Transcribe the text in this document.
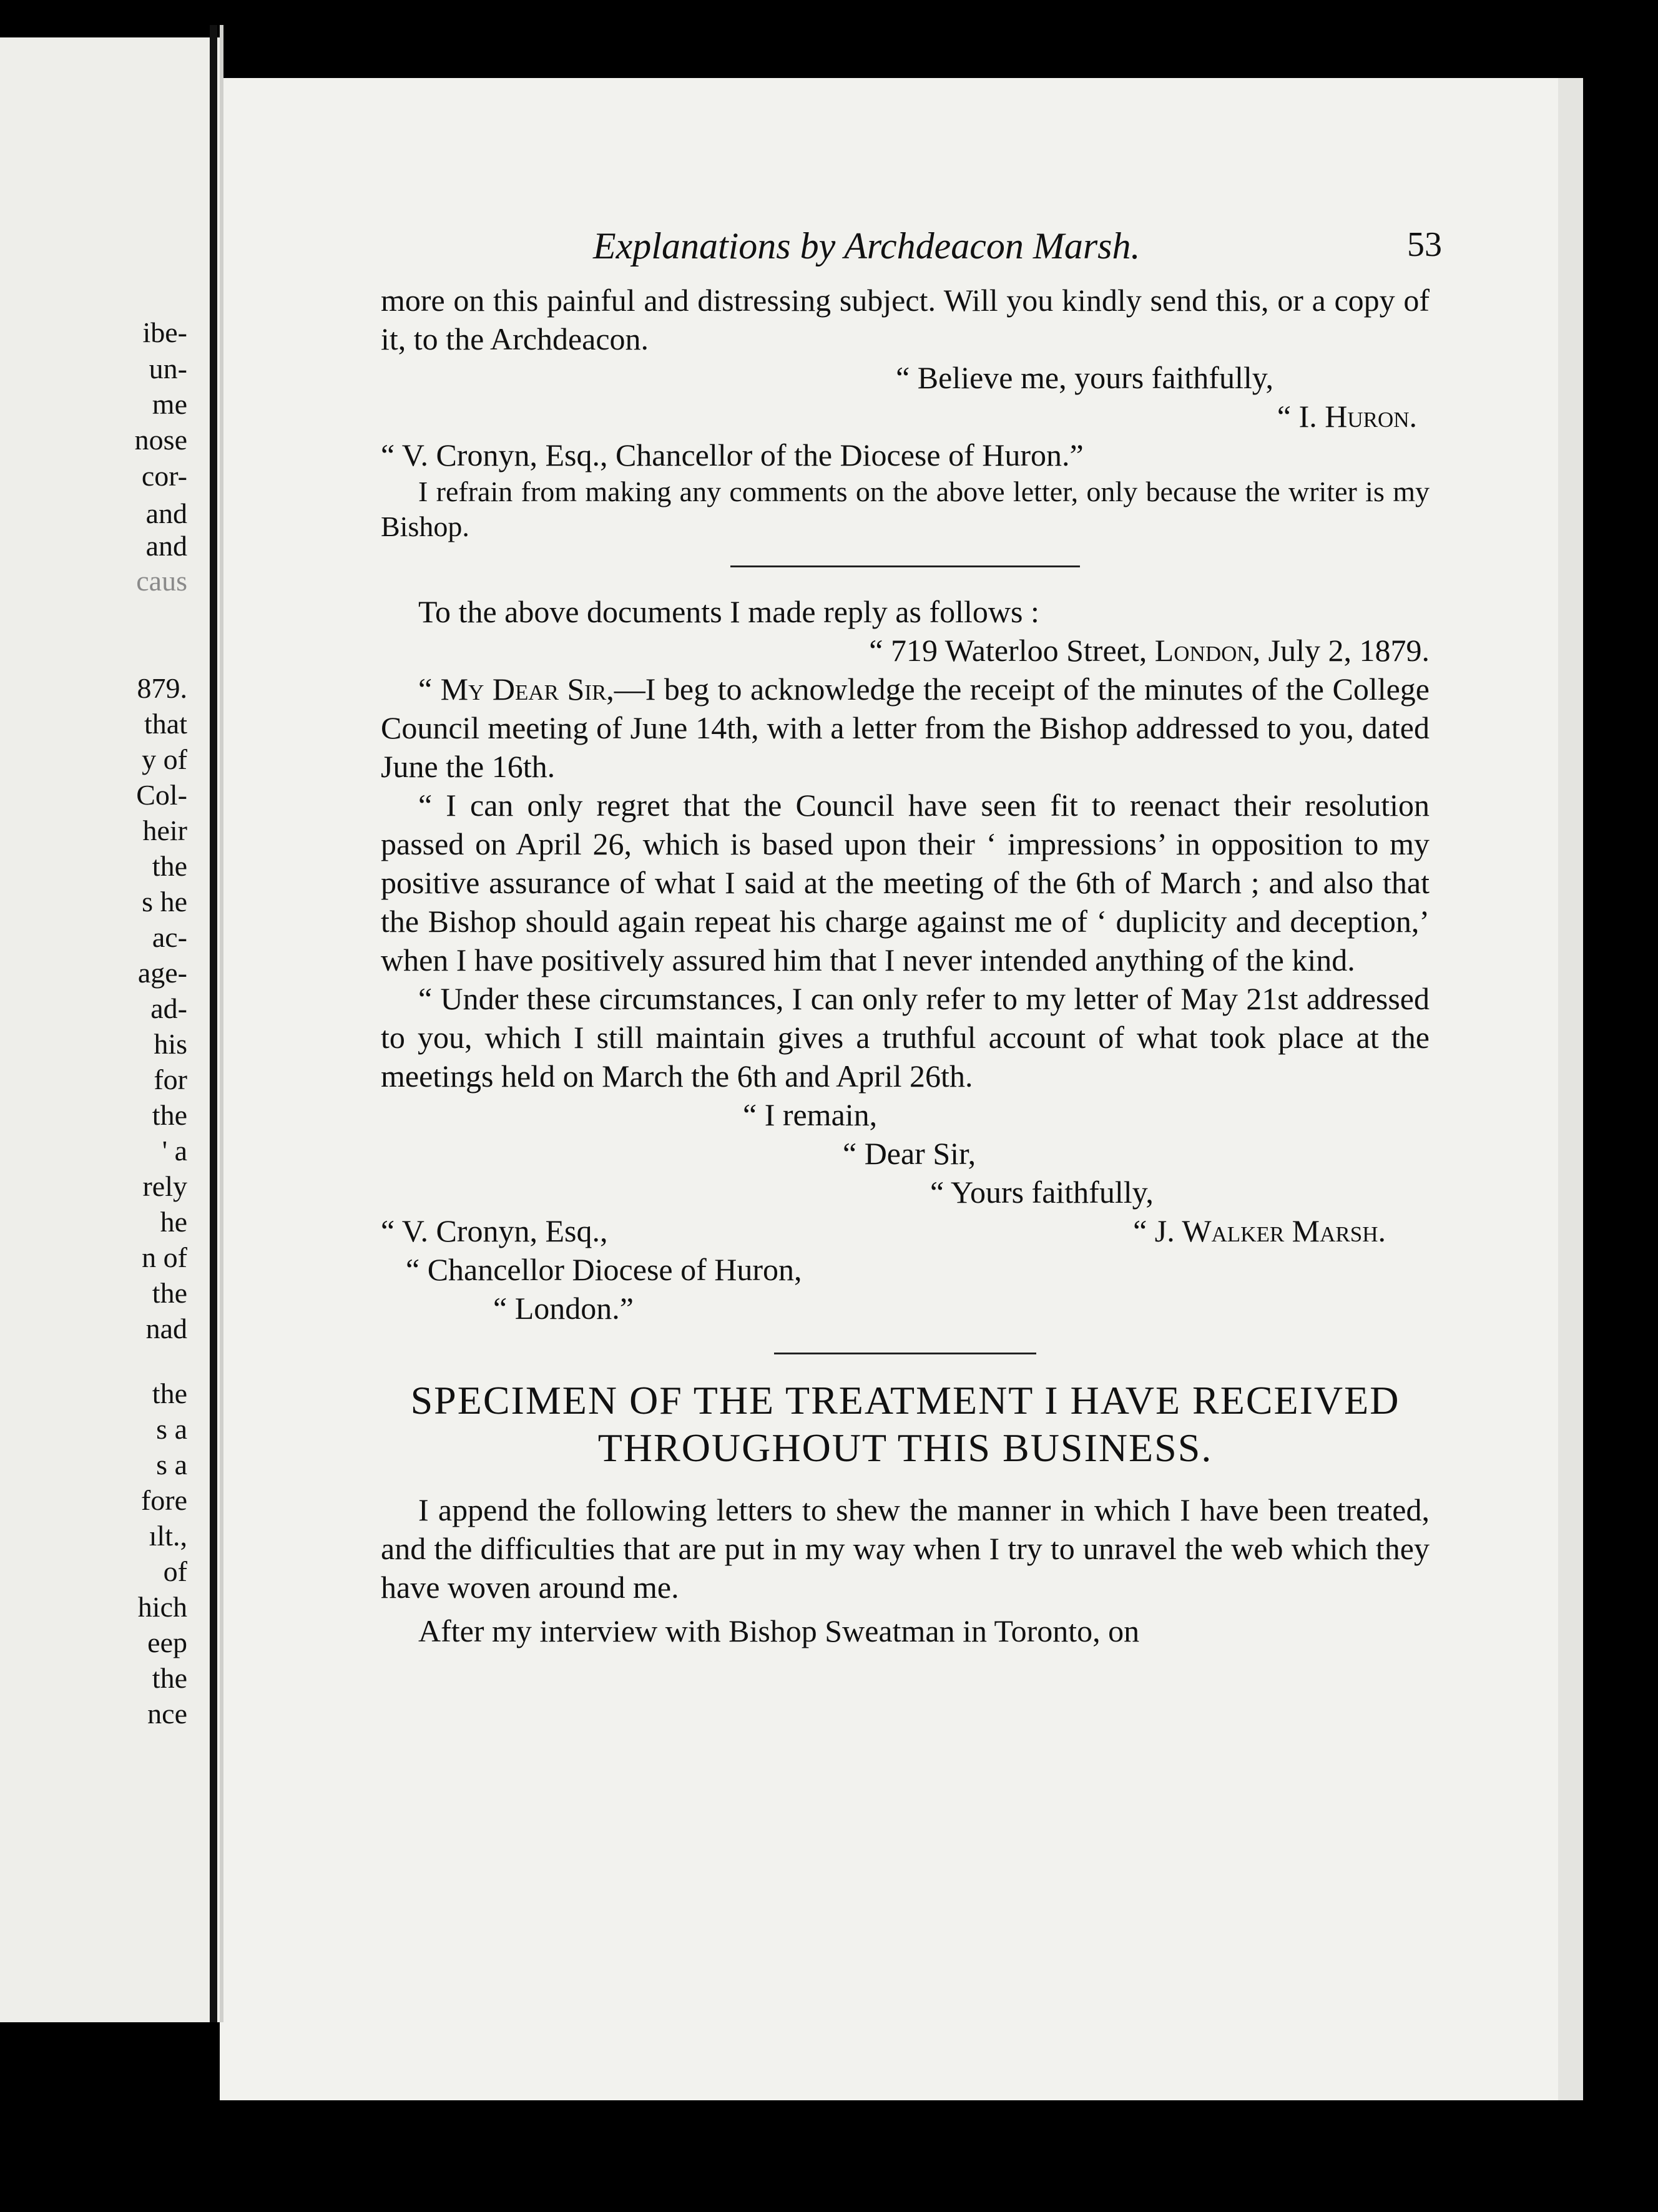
ibe-
un-
me
nose
cor-
and
and
caus
879.
that
y of
Col-
heir
the
s he
ac-
age-
ad-
his
for
the
' a
rely
he
n of
the
nad
the
s a
s a
fore
ılt.,
of
hich
eep
the
nce
Explanations by Archdeacon Marsh.	53

more on this painful and distressing subject. Will you kindly send this, or a copy of it, to the Archdeacon.

“ Believe me, yours faithfully,

“ I. Huron.

“ V. Cronyn, Esq., Chancellor of the Diocese of Huron.”

I refrain from making any comments on the above letter, only because the writer is my Bishop.

To the above documents I made reply as follows :

“ 719 Waterloo Street, London, July 2, 1879.

“ My Dear Sir,—I beg to acknowledge the receipt of the minutes of the College Council meeting of June 14th, with a letter from the Bishop addressed to you, dated June the 16th.

“ I can only regret that the Council have seen fit to reenact their resolution passed on April 26, which is based upon their ‘ impressions’ in opposition to my positive assurance of what I said at the meeting of the 6th of March ; and also that the Bishop should again repeat his charge against me of ‘ duplicity and deception,’ when I have positively assured him that I never intended anything of the kind.

“ Under these circumstances, I can only refer to my letter of May 21st addressed to you, which I still maintain gives a truthful account of what took place at the meetings held on March the 6th and April 26th.

“ I remain,

“ Dear Sir,

“ Yours faithfully,

“ V. Cronyn, Esq.,	“ J. Walker Marsh.

“ Chancellor Diocese of Huron,

“ London.”

SPECIMEN OF THE TREATMENT I HAVE RECEIVED THROUGHOUT THIS BUSINESS.

I append the following letters to shew the manner in which I have been treated, and the difficulties that are put in my way when I try to unravel the web which they have woven around me.

After my interview with Bishop Sweatman in Toronto, on
